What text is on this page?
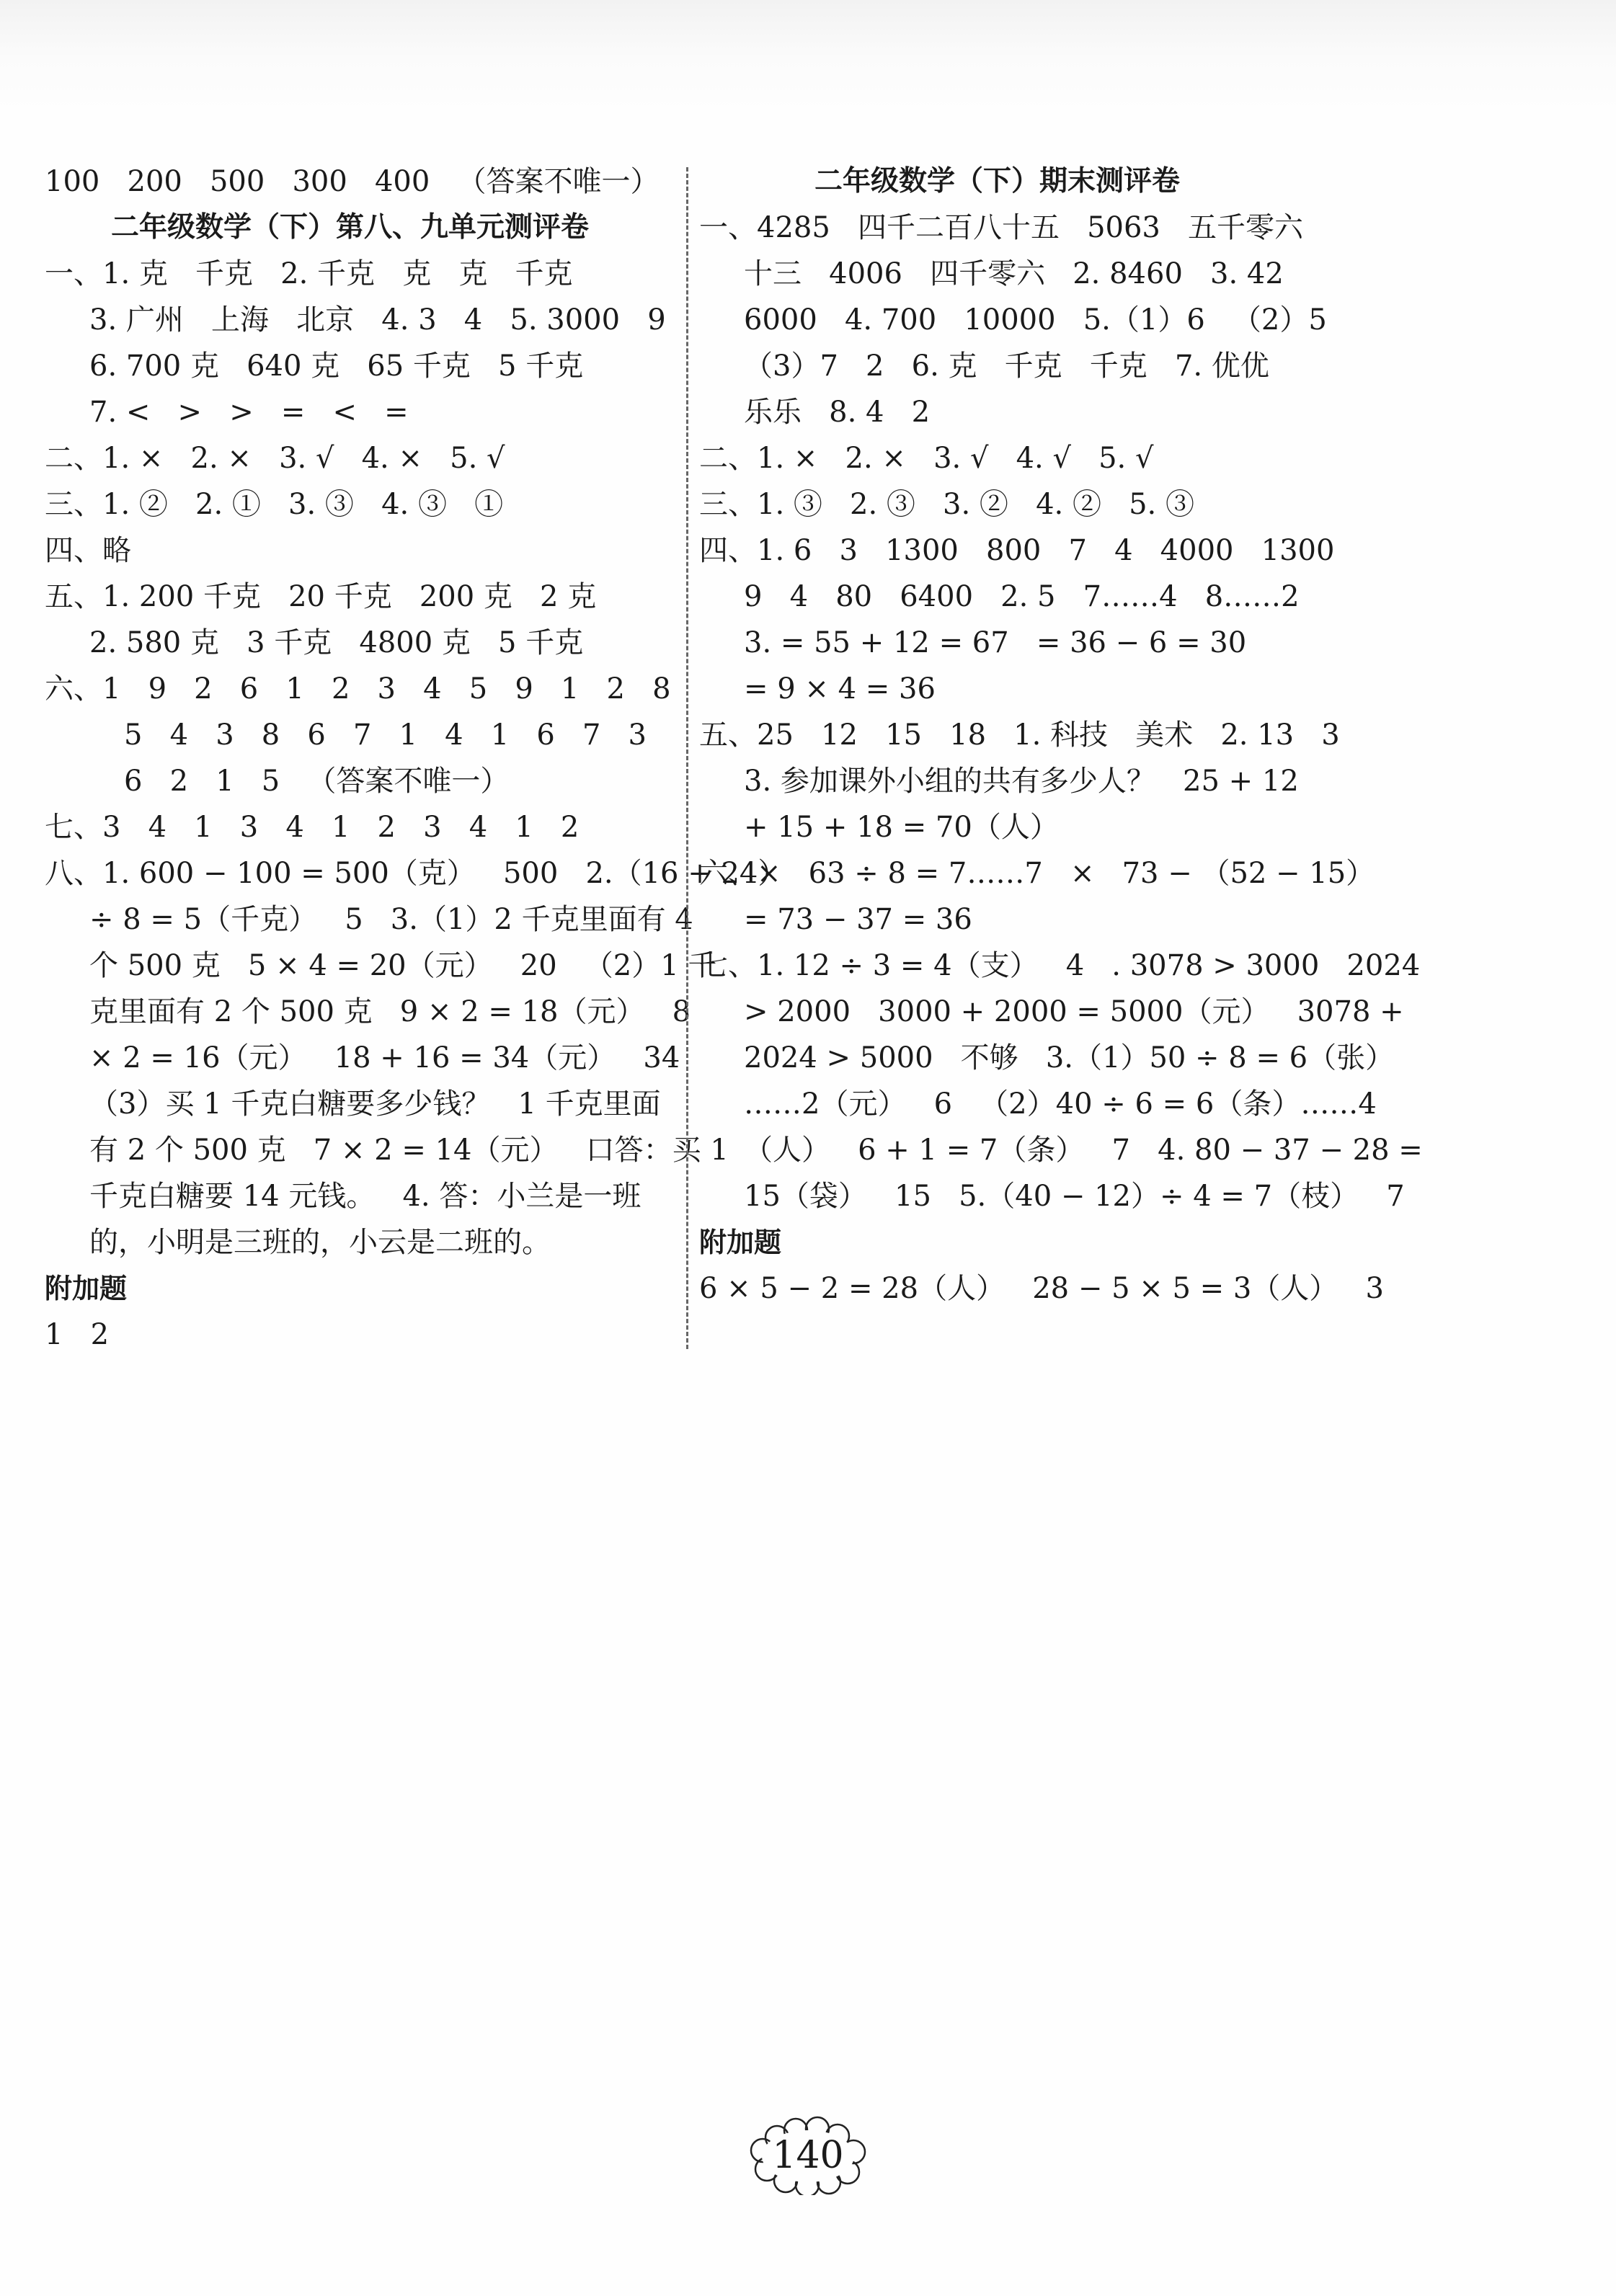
100   200   500   300   400   （答案不唯一）
二年级数学（下）第八、九单元测评卷
一、1. 克   千克   2. 千克   克   克   千克
3. 广州   上海   北京   4. 3   4   5. 3000   9
6. 700 克   640 克   65 千克   5 千克
7. <   >   >   =   <   =
二、1. ×   2. ×   3. √   4. ×   5. √
三、1. ②   2. ①   3. ③   4. ③   ①
四、略
五、1. 200 千克   20 千克   200 克   2 克
2. 580 克   3 千克   4800 克   5 千克
六、1   9   2   6   1   2   3   4   5   9   1   2   8
5   4   3   8   6   7   1   4   1   6   7   3
6   2   1   5   （答案不唯一）
七、3   4   1   3   4   1   2   3   4   1   2
八、1. 600 − 100 = 500（克）   500   2.（16 + 24）
÷ 8 = 5（千克）   5   3.（1）2 千克里面有 4
个 500 克   5 × 4 = 20（元）   20   （2）1 千
克里面有 2 个 500 克   9 × 2 = 18（元）   8
× 2 = 16（元）   18 + 16 = 34（元）   34
（3）买 1 千克白糖要多少钱？   1 千克里面
有 2 个 500 克   7 × 2 = 14（元）   口答：买 1
千克白糖要 14 元钱。   4. 答：小兰是一班
的，小明是三班的，小云是二班的。
附加题
1   2
二年级数学（下）期末测评卷
一、4285   四千二百八十五   5063   五千零六
十三   4006   四千零六   2. 8460   3. 42
6000   4. 700   10000   5.（1）6   （2）5
（3）7   2   6. 克   千克   千克   7. 优优
乐乐   8. 4   2
二、1. ×   2. ×   3. √   4. √   5. √
三、1. ③   2. ③   3. ②   4. ②   5. ③
四、1. 6   3   1300   800   7   4   4000   1300
9   4   80   6400   2. 5   7……4   8……2
3. = 55 + 12 = 67   = 36 − 6 = 30
= 9 × 4 = 36
五、25   12   15   18   1. 科技   美术   2. 13   3
3. 参加课外小组的共有多少人？   25 + 12
+ 15 + 18 = 70（人）
六、×   63 ÷ 8 = 7……7   ×   73 − （52 − 15）
= 73 − 37 = 36
七、1. 12 ÷ 3 = 4（支）   4   . 3078 > 3000   2024
> 2000   3000 + 2000 = 5000（元）   3078 +
2024 > 5000   不够   3.（1）50 ÷ 8 = 6（张）
……2（元）   6   （2）40 ÷ 6 = 6（条）……4
（人）   6 + 1 = 7（条）   7   4. 80 − 37 − 28 =
15（袋）   15   5.（40 − 12）÷ 4 = 7（枝）   7
附加题
6 × 5 − 2 = 28（人）   28 − 5 × 5 = 3（人）   3
140
